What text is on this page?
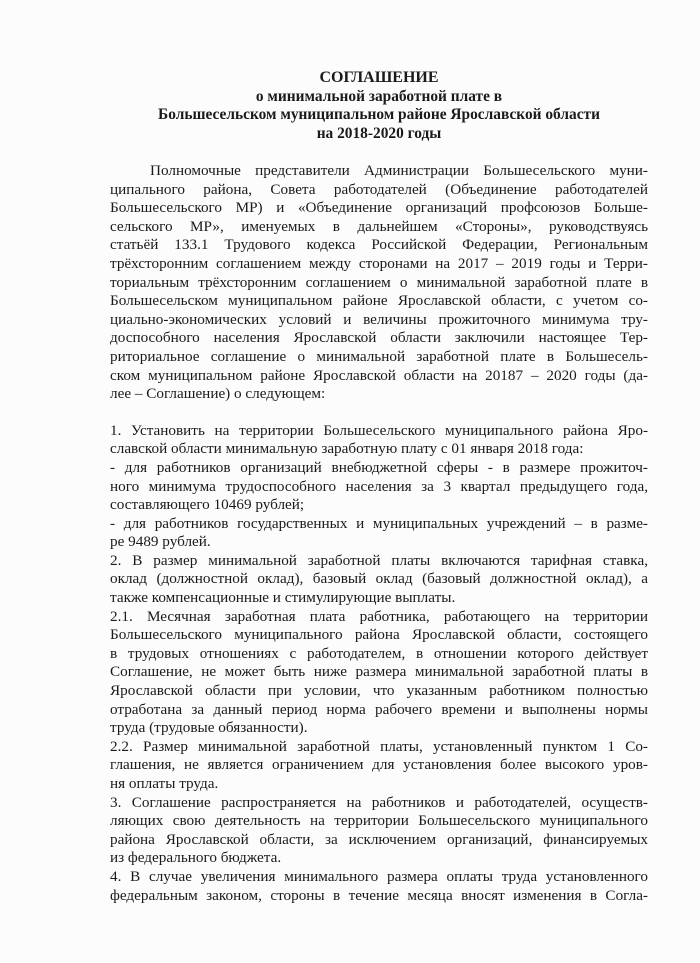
СОГЛАШЕНИЕ
о минимальной заработной плате в
Большесельском муниципальном районе Ярославской области
на 2018-2020 годы
Полномочные представители Администрации Большесельского муни-
ципального района, Совета работодателей (Объединение работодателей
Большесельского МР) и «Объединение организаций профсоюзов Больше-
сельского МР», именуемых в дальнейшем «Стороны», руководствуясь
статьёй 133.1 Трудового кодекса Российской Федерации, Региональным
трёхсторонним соглашением между сторонами на 2017 – 2019 годы и Терри-
ториальным трёхсторонним соглашением о минимальной заработной плате в
Большесельском муниципальном районе Ярославской области, с учетом со-
циально-экономических условий и величины прожиточного минимума тру-
доспособного населения Ярославской области заключили настоящее Тер-
риториальное соглашение о минимальной заработной плате в Большесель-
ском муниципальном районе Ярославской области на 20187 – 2020 годы (да-
лее – Соглашение) о следующем:
1. Установить на территории Большесельского муниципального района Яро-
славской области минимальную заработную плату с 01 января 2018 года:
- для работников организаций внебюджетной сферы - в размере прожиточ-
ного минимума трудоспособного населения за 3 квартал предыдущего года,
составляющего 10469 рублей;
- для работников государственных и муниципальных учреждений – в разме-
ре 9489 рублей.
2. В размер минимальной заработной платы включаются тарифная ставка,
оклад (должностной оклад), базовый оклад (базовый должностной оклад), а
также компенсационные и стимулирующие выплаты.
2.1. Месячная заработная плата работника, работающего на территории
Большесельского муниципального района Ярославской области, состоящего
в трудовых отношениях с работодателем, в отношении которого действует
Соглашение, не может быть ниже размера минимальной заработной платы в
Ярославской области при условии, что указанным работником полностью
отработана за данный период норма рабочего времени и выполнены нормы
труда (трудовые обязанности).
2.2. Размер минимальной заработной платы, установленный пунктом 1 Со-
глашения, не является ограничением для установления более высокого уров-
ня оплаты труда.
3. Соглашение распространяется на работников и работодателей, осуществ-
ляющих свою деятельность на территории Большесельского муниципального
района Ярославской области, за исключением организаций, финансируемых
из федерального бюджета.
4. В случае увеличения минимального размера оплаты труда установленного
федеральным законом, стороны в течение месяца вносят изменения в Согла-
